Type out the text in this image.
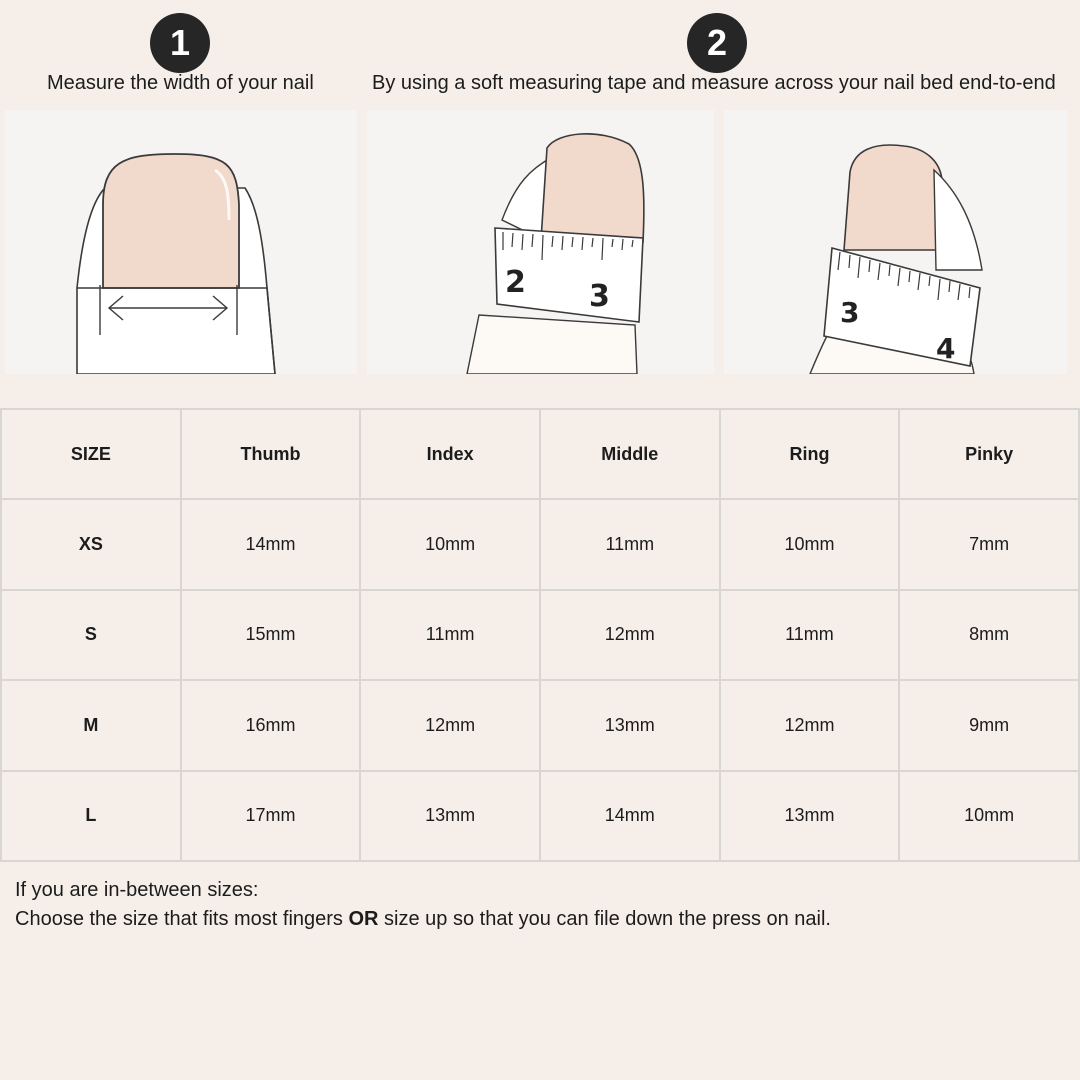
1	2
Measure the width of your nail	By using a soft measuring tape and measure across your nail bed end-to-end
2 3	3
4
SIZE	Thumb	Index	Middle	Ring	Pinky
XS	14mm	10mm	11mm	10mm	7mm
S	15mm	11mm	12mm	11mm	8mm
M	16mm	12mm	13mm	12mm	9mm
L	17mm	13mm	14mm	13mm	10mm
If you are in-between sizes:
Choose the size that fits most fingers OR size up so that you can file down the press on nail.
